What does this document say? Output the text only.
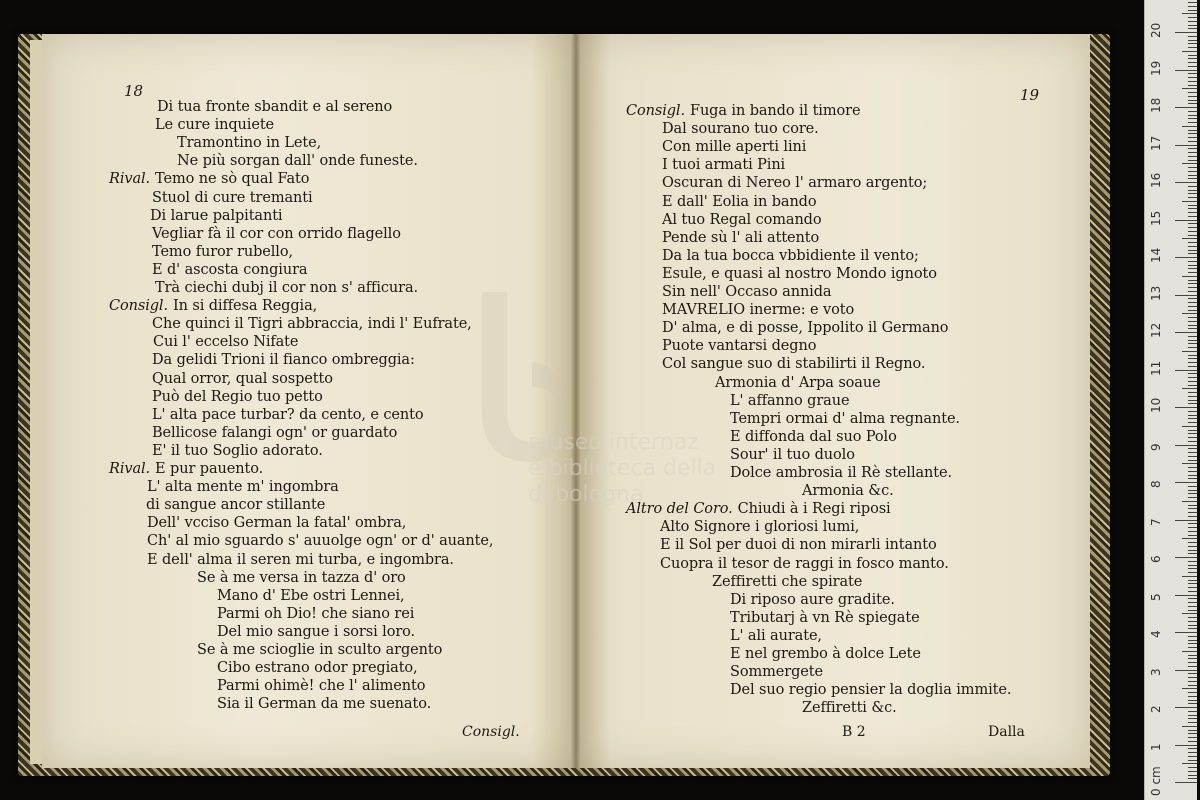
18
Di tua fronte sbandit e al sereno
Le cure inquiete
Tramontino in Lete,
Ne più sorgan dall' onde funeste.
Rival. Temo ne sò qual Fato
Stuol di cure tremanti
Di larue palpitanti
Vegliar fà il cor con orrido flagello
Temo furor rubello,
E d' ascosta congiura
Trà ciechi dubj il cor non s' afficura.
Consigl. In si diffesa Reggia,
Che quinci il Tigri abbraccia, indi l' Eufrate,
Cui l' eccelso Nifate
Da gelidi Trioni il fianco ombreggia:
Qual orror, qual sospetto
Può del Regio tuo petto
L' alta pace turbar? da cento, e cento
Bellicose falangi ogn' or guardato
E' il tuo Soglio adorato.
Rival. E pur pauento.
L' alta mente m' ingombra
di sangue ancor stillante
Dell' vcciso German la fatal' ombra,
Ch' al mio sguardo s' auuolge ogn' or d' auante,
E dell' alma il seren mi turba, e ingombra.
Se à me versa in tazza d' oro
Mano d' Ebe ostri Lennei,
Parmi oh Dio! che siano rei
Del mio sangue i sorsi loro.
Se à me scioglie in sculto argento
Cibo estrano odor pregiato,
Parmi ohimè! che l' alimento
Sia il German da me suenato.
Consigl.
19
Consigl. Fuga in bando il timore
Dal sourano tuo core.
Con mille aperti lini
I tuoi armati Pini
Oscuran di Nereo l' armaro argento;
E dall' Eolia in bando
Al tuo Regal comando
Pende sù l' ali attento
Da la tua bocca vbbidiente il vento;
Esule, e quasi al nostro Mondo ignoto
Sin nell' Occaso annida
MAVRELIO inerme: e voto
D' alma, e di posse, Ippolito il Germano
Puote vantarsi degno
Col sangue suo di stabilirti il Regno.
Armonia d' Arpa soaue
L' affanno graue
Tempri ormai d' alma regnante.
E diffonda dal suo Polo
Sour' il tuo duolo
Dolce ambrosia il Rè stellante.
Armonia &c.
Altro del Coro. Chiudi à i Regi riposi
Alto Signore i gloriosi lumi,
E il Sol per duoi di non mirarli intanto
Cuopra il tesor de raggi in fosco manto.
Zeffiretti che spirate
Di riposo aure gradite.
Tributarj à vn Rè spiegate
L' ali aurate,
E nel grembo à dolce Lete
Sommergete
Del suo regio pensier la doglia immite.
Zeffiretti &c.
B 2	Dalla
museo internaz
e biblioteca della
di bologna
0 cm
1
2
3
4
5
6
7
8
9
10
11
12
13
14
15
16
17
18
19
20
